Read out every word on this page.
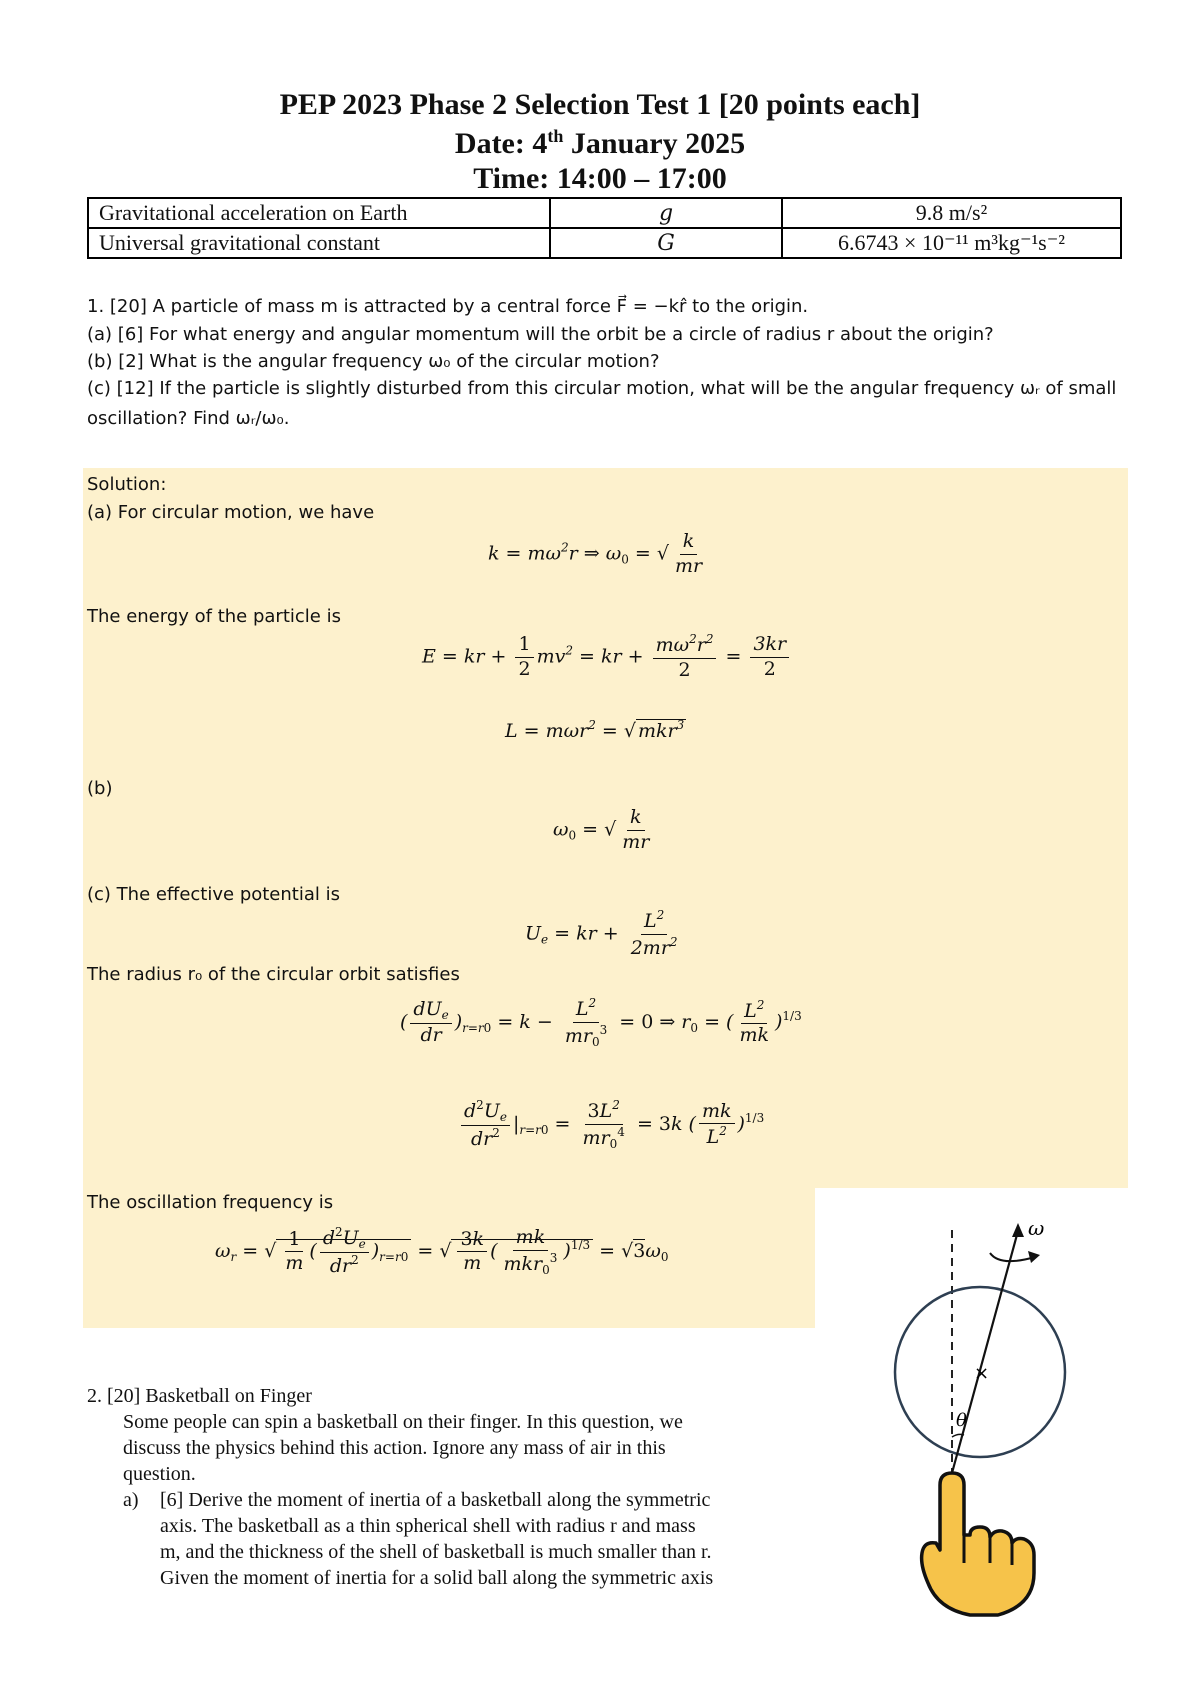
PEP 2023 Phase 2 Selection Test 1 [20 points each]
Date: 4th January 2025
Time: 14:00 – 17:00
Gravitational acceleration on Earth	g	9.8 m/s²
Universal gravitational constant	G	6.6743 × 10⁻¹¹ m³kg⁻¹s⁻²
1. [20] A particle of mass m is attracted by a central force F⃗ = −kr̂ to the origin.
(a) [6] For what energy and angular momentum will the orbit be a circle of radius r about the origin?
(b) [2] What is the angular frequency ω₀ of the circular motion?
(c) [12] If the particle is slightly disturbed from this circular motion, what will be the angular frequency ωᵣ of small
oscillation? Find ωᵣ/ω₀.
Solution:
(a) For circular motion, we have
$k = m\omega^2r$ ⇒ $\omega_0$ = √ $\frac{k}{mr}$
The energy of the particle is
E = kr + $\frac{1}{2} mv^2$ = kr + $\frac{m\omega^2r^2}{2} = \frac{3kr}{2}$
L = mωr$^2$ = √ mkr$^3$
(b)
$\omega_0$ = √ $\frac{k}{mr}$
(c) The effective potential is
$U_e$ = kr + $\frac{L^2}{2mr^2}$
The radius r₀ of the circular orbit satisfies
( $\frac{dU_e}{dr} )_{r=r0} = k - \frac{L^2}{mr_0^3} = 0$ ⇒ $r_0$ = ( $\frac{L^2}{mk} )^{1/3}$
$\frac{d^2U_e}{dr^2} |_{r=r0} = \frac{3L^2}{mr_0^4} = 3k$ ( $\frac{mk}{L^2} )^{1/3}$
The oscillation frequency is
$\omega_r$ = √ $\frac{1}{m}$ ( $\frac{d^2U_e}{dr^2} )_{r=r0}$ = √ $\frac{3k}{m}$ ( $\frac{mk}{mkr_0^3} )^{1/3} = √3\omega_0$
2. [20] Basketball on Finger
Some people can spin a basketball on their finger. In this question, we
discuss the physics behind this action. Ignore any mass of air in this
question.
a) [6] Derive the moment of inertia of a basketball along the symmetric
axis. The basketball as a thin spherical shell with radius r and mass
m, and the thickness of the shell of basketball is much smaller than r.
Given the moment of inertia for a solid ball along the symmetric axis
ω
×
θ
